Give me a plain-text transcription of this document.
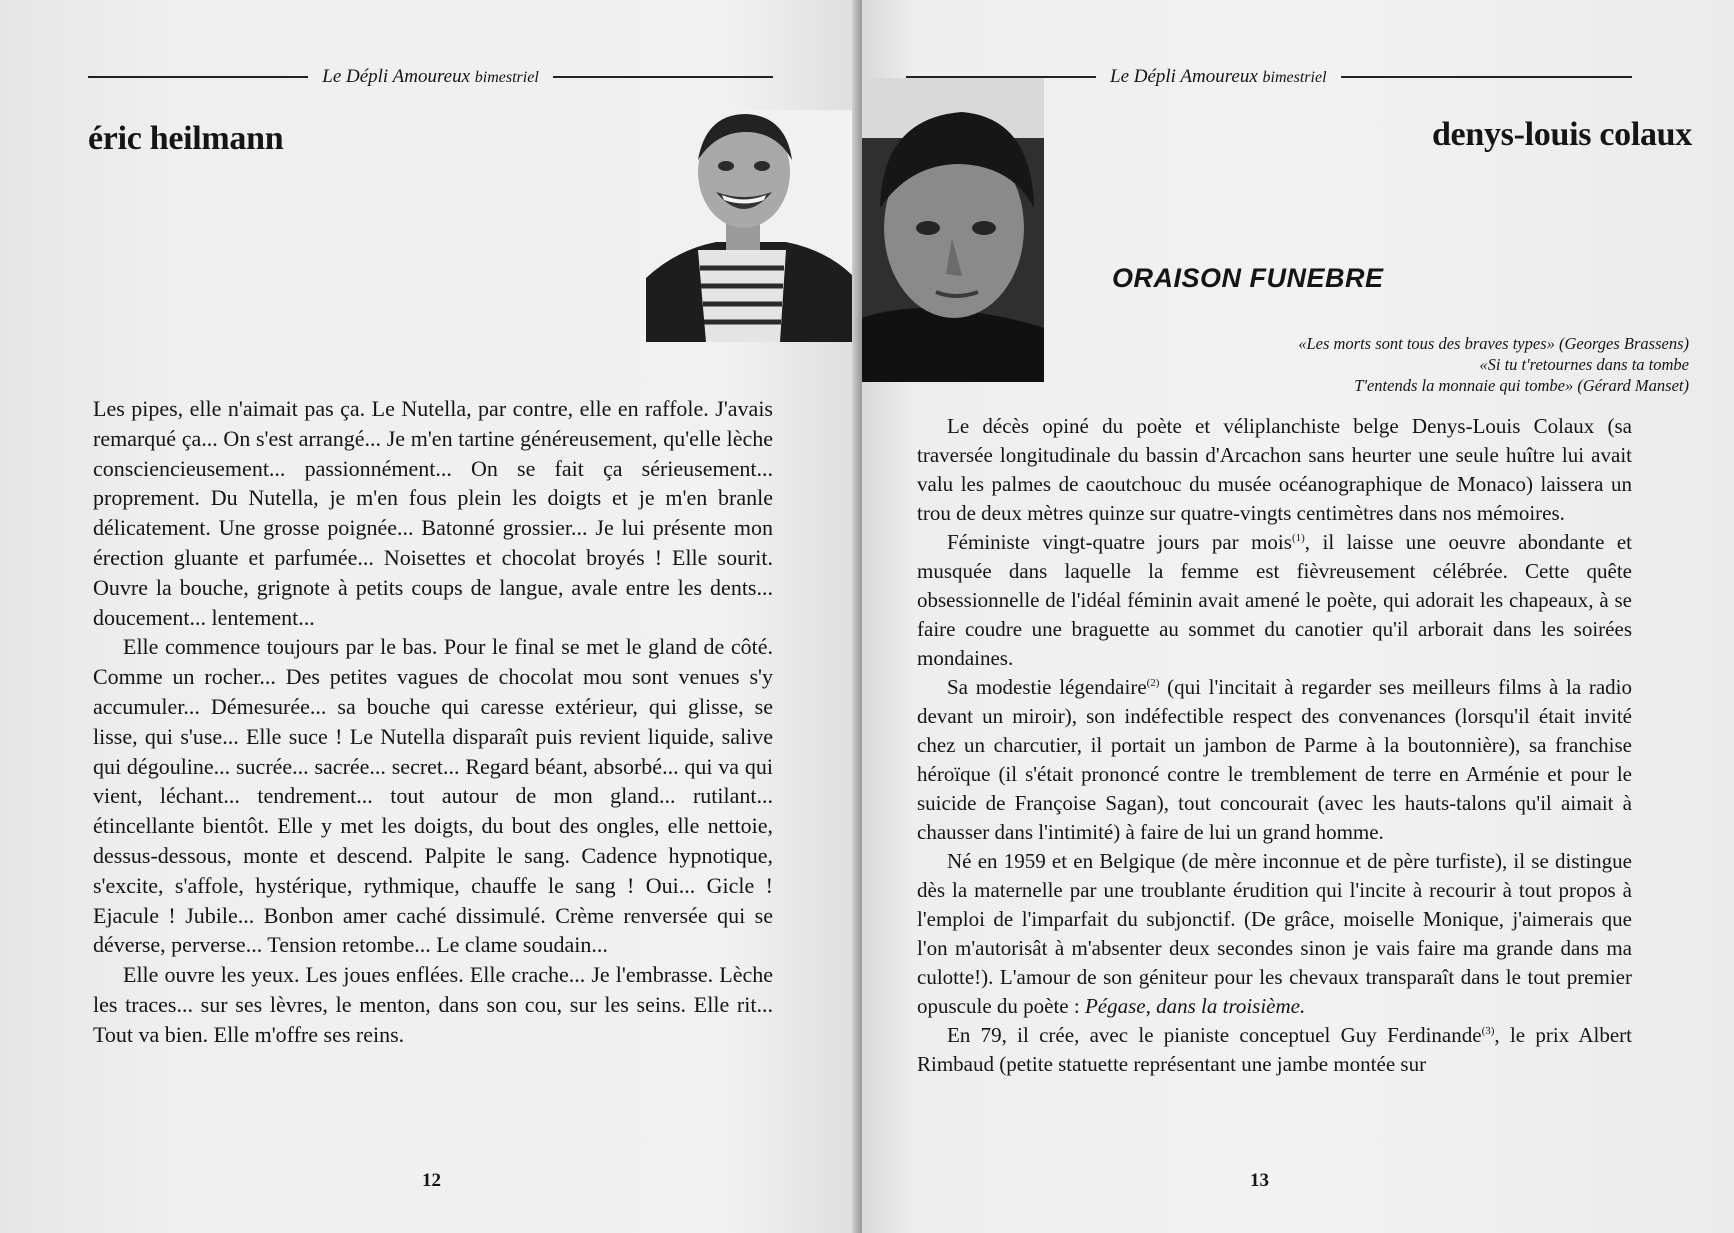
Le Dépli Amoureux bimestriel
éric heilmann

Les pipes, elle n'aimait pas ça. Le Nutella, par contre, elle en raffole. J'avais remarqué ça... On s'est arrangé... Je m'en tartine généreusement, qu'elle lèche consciencieusement... passionnément... On se fait ça sérieusement... proprement. Du Nutella, je m'en fous plein les doigts et je m'en branle délicatement. Une grosse poignée... Batonné grossier... Je lui présente mon érection gluante et parfumée... Noisettes et chocolat broyés ! Elle sourit. Ouvre la bouche, grignote à petits coups de langue, avale entre les dents... doucement... lentement...

Elle commence toujours par le bas. Pour le final se met le gland de côté. Comme un rocher... Des petites vagues de chocolat mou sont venues s'y accumuler... Démesurée... sa bouche qui caresse extérieur, qui glisse, se lisse, qui s'use... Elle suce ! Le Nutella disparaît puis revient liquide, salive qui dégouline... sucrée... sacrée... secret... Regard béant, absorbé... qui va qui vient, léchant... tendrement... tout autour de mon gland... rutilant... étincellante bientôt. Elle y met les doigts, du bout des ongles, elle nettoie, dessus-dessous, monte et descend. Palpite le sang. Cadence hypnotique, s'excite, s'affole, hystérique, rythmique, chauffe le sang ! Oui... Gicle ! Ejacule ! Jubile... Bonbon amer caché dissimulé. Crème renversée qui se déverse, perverse... Tension retombe... Le clame soudain...

Elle ouvre les yeux. Les joues enflées. Elle crache... Je l'embrasse. Lèche les traces... sur ses lèvres, le menton, dans son cou, sur les seins. Elle rit... Tout va bien. Elle m'offre ses reins.

12
Le Dépli Amoureux bimestriel
denys-louis colaux
ORAISON FUNEBRE
«Les morts sont tous des braves types» (Georges Brassens)
«Si tu t'retournes dans ta tombe
T'entends la monnaie qui tombe» (Gérard Manset)

Le décès opiné du poète et véliplanchiste belge Denys-Louis Colaux (sa traversée longitudinale du bassin d'Arcachon sans heurter une seule huître lui avait valu les palmes de caoutchouc du musée océanographique de Monaco) laissera un trou de deux mètres quinze sur quatre-vingts centimètres dans nos mémoires.

Féministe vingt-quatre jours par mois$^{(1)}$, il laisse une oeuvre abondante et musquée dans laquelle la femme est fièvreusement célébrée. Cette quête obsessionnelle de l'idéal féminin avait amené le poète, qui adorait les chapeaux, à se faire coudre une braguette au sommet du canotier qu'il arborait dans les soirées mondaines.

Sa modestie légendaire$^{(2)}$ (qui l'incitait à regarder ses meilleurs films à la radio devant un miroir), son indéfectible respect des convenances (lorsqu'il était invité chez un charcutier, il portait un jambon de Parme à la boutonnière), sa franchise héroïque (il s'était prononcé contre le tremblement de terre en Arménie et pour le suicide de Françoise Sagan), tout concourait (avec les hauts-talons qu'il aimait à chausser dans l'intimité) à faire de lui un grand homme.

Né en 1959 et en Belgique (de mère inconnue et de père turfiste), il se distingue dès la maternelle par une troublante érudition qui l'incite à recourir à tout propos à l'emploi de l'imparfait du subjonctif. (De grâce, moiselle Monique, j'aimerais que l'on m'autorisât à m'absenter deux secondes sinon je vais faire ma grande dans ma culotte!). L'amour de son géniteur pour les chevaux transparaît dans le tout premier opuscule du poète : Pégase, dans la troisième.

En 79, il crée, avec le pianiste conceptuel Guy Ferdinande$^{(3)}$, le prix Albert Rimbaud (petite statuette représentant une jambe montée sur

13
